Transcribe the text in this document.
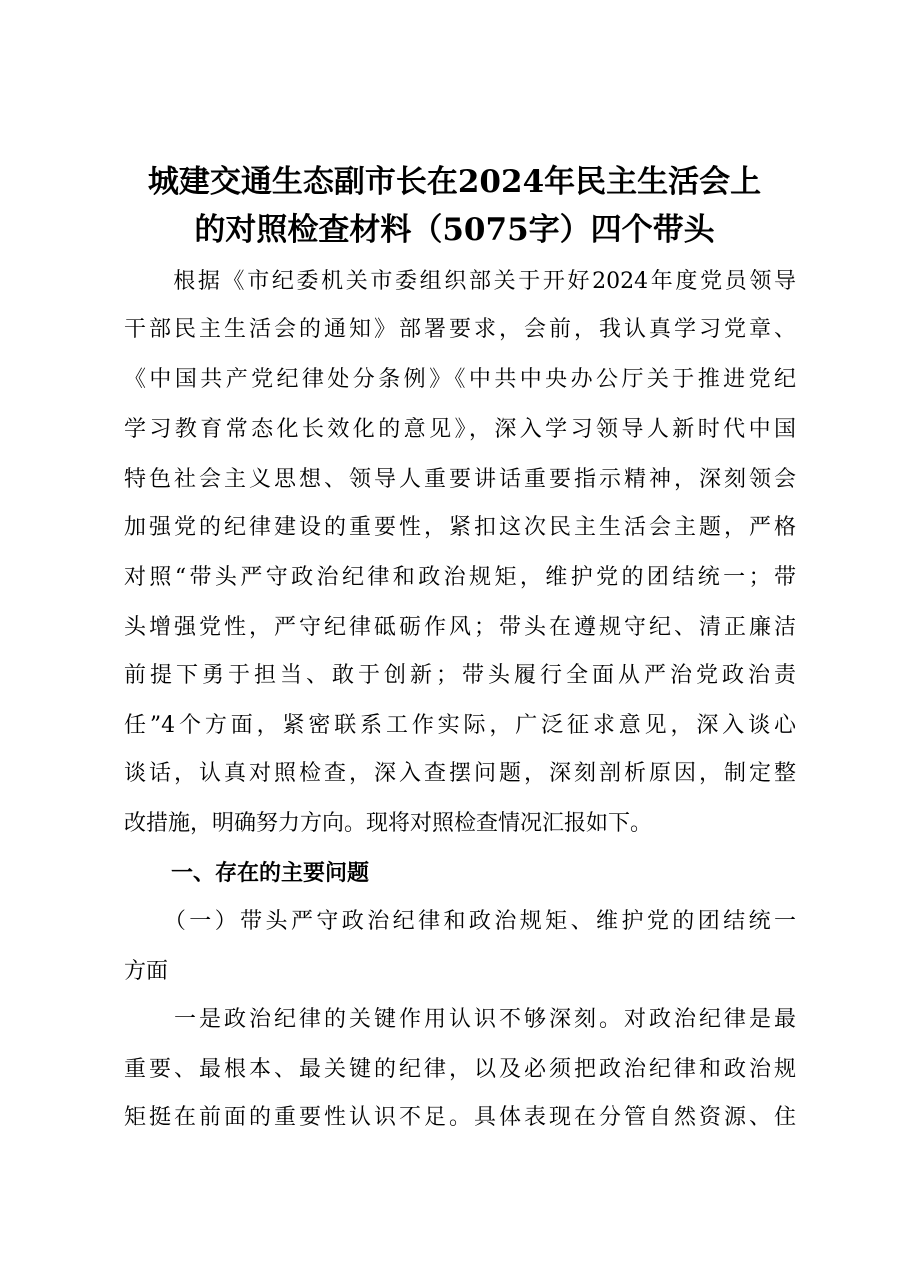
城建交通生态副市长在2024年民主生活会上
的对照检查材料（5075字）四个带头
　　根据《市纪委机关市委组织部关于开好2024年度党员领导
干部民主生活会的通知》部署要求，会前，我认真学习党章、
《中国共产党纪律处分条例》《中共中央办公厅关于推进党纪
学习教育常态化长效化的意见》，深入学习领导人新时代中国
特色社会主义思想、领导人重要讲话重要指示精神，深刻领会
加强党的纪律建设的重要性，紧扣这次民主生活会主题，严格
对照“带头严守政治纪律和政治规矩，维护党的团结统一；带
头增强党性，严守纪律砥砺作风；带头在遵规守纪、清正廉洁
前提下勇于担当、敢于创新；带头履行全面从严治党政治责
任”4个方面，紧密联系工作实际，广泛征求意见，深入谈心
谈话，认真对照检查，深入查摆问题，深刻剖析原因，制定整
改措施，明确努力方向。现将对照检查情况汇报如下。
一、存在的主要问题
　　（一）带头严守政治纪律和政治规矩、维护党的团结统一
方面
　　一是政治纪律的关键作用认识不够深刻。对政治纪律是最
重要、最根本、最关键的纪律，以及必须把政治纪律和政治规
矩挺在前面的重要性认识不足。具体表现在分管自然资源、住
